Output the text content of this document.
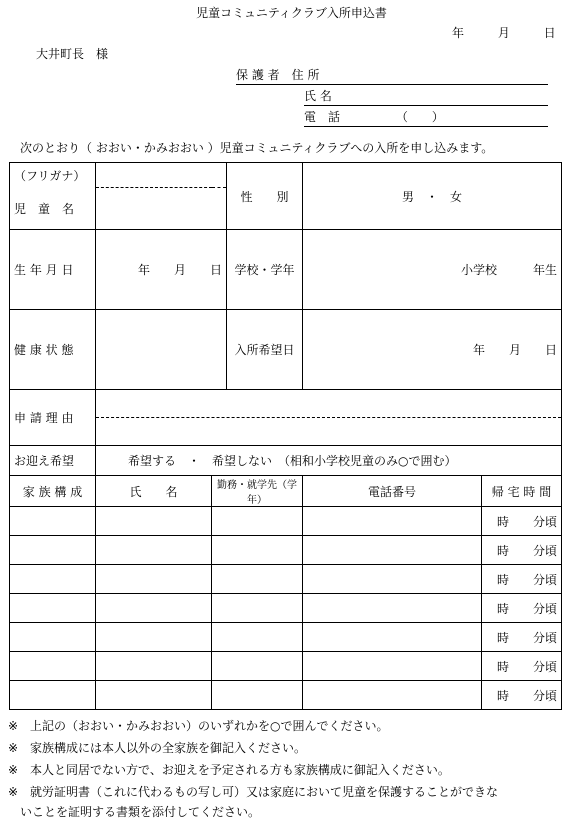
児童コミュニティクラブ入所申込書
年	月	日
大井町長　様
保 護 者　住 所
氏 名
電　話	（　　）
次のとおり（ おおい・かみおおい ）児童コミュニティクラブへの入所を申し込みます。
（フリガナ）			性　　別	男　・　女	
児　童　名					
生 年 月 日	年　　月　　日		学校・学年	小学校　　　年生	
健 康 状 態			入所希望日	年　　月　　日	
申 請 理 由					

お迎え希望	希望する　・　希望しない　（相和小学校児童のみ○で囲む）				
家 族 構 成	氏　　名	勤務・就学先（学年）		電話番号	帰 宅 時 間
					時　　分頃
					時　　分頃
					時　　分頃
					時　　分頃
					時　　分頃
					時　　分頃
					時　　分頃
※　上記の（おおい・かみおおい）のいずれかを○で囲んでください。
※　家族構成には本人以外の全家族を御記入ください。
※　本人と同居でない方で、お迎えを予定される方も家族構成に御記入ください。
※　就労証明書（これに代わるもの写し可）又は家庭において児童を保護することができな
　いことを証明する書類を添付してください。
